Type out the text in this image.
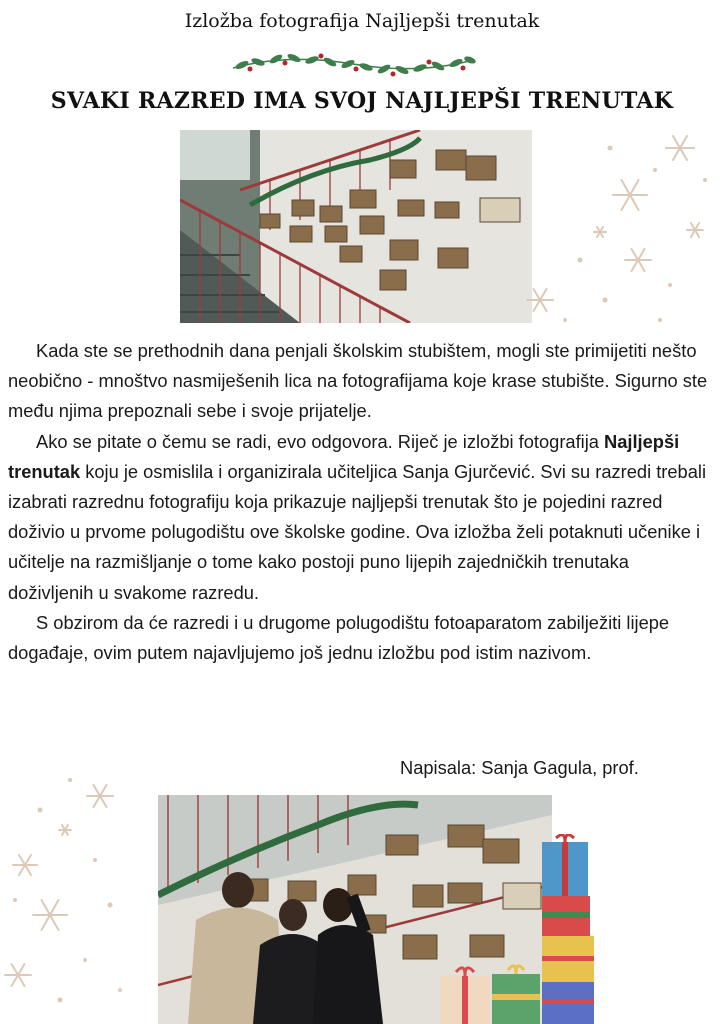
Izložba fotografija Najljepši trenutak
SVAKI RAZRED IMA SVOJ NAJLJEPŠI TRENUTAK

Kada ste se prethodnih dana penjali školskim stubištem, mogli ste primijetiti nešto neobično - mnoštvo nasmiješenih lica na fotografijama koje krase stubište. Sigurno ste među njima prepoznali sebe i svoje prijatelje.

Ako se pitate o čemu se radi, evo odgovora. Riječ je izložbi fotografija Najljepši trenutak koju je osmislila i organizirala učiteljica Sanja Gjurčević. Svi su razredi trebali izabrati razrednu fotografiju koja prikazuje najljepši trenutak što je pojedini razred doživio u prvome polugodištu ove školske godine. Ova izložba želi potaknuti učenike i učitelje na razmišljanje o tome kako postoji puno lijepih zajedničkih trenutaka doživljenih u svakome razredu.

S obzirom da će razredi i u drugome polugodištu fotoaparatom zabilježiti lijepe događaje, ovim putem najavljujemo još jednu izložbu pod istim nazivom.

Napisala: Sanja Gagula, prof.
